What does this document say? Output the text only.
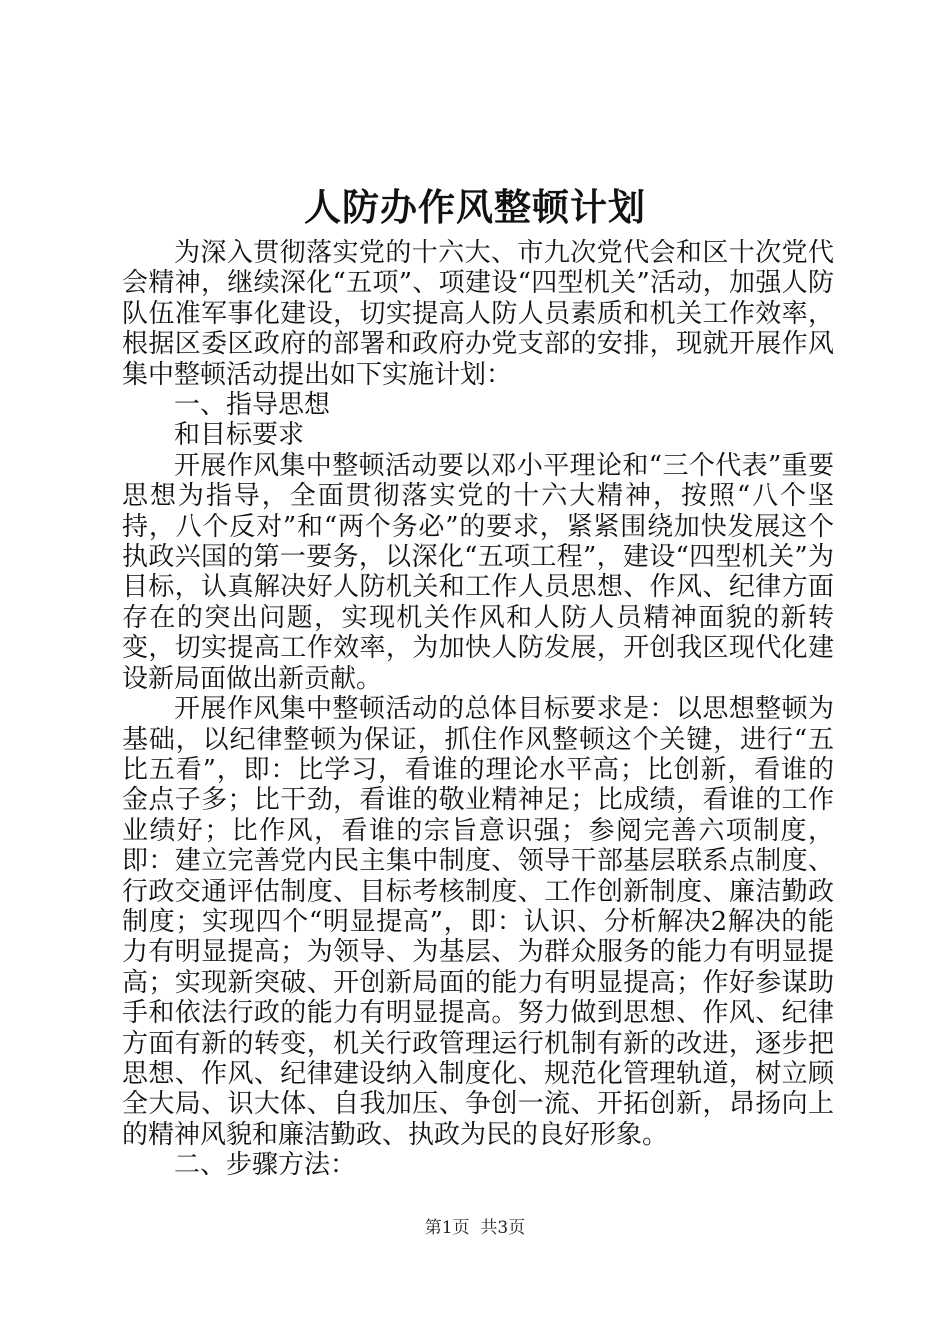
人防办作风整顿计划

为深入贯彻落实党的十六大、市九次党代会和区十次党代会精神，继续深化“五项”、项建设“四型机关”活动，加强人防队伍准军事化建设，切实提高人防人员素质和机关工作效率，根据区委区政府的部署和政府办党支部的安排，现就开展作风集中整顿活动提出如下实施计划：

一、指导思想

和目标要求

开展作风集中整顿活动要以邓小平理论和“三个代表”重要思想为指导，全面贯彻落实党的十六大精神，按照“八个坚持，八个反对”和“两个务必”的要求，紧紧围绕加快发展这个执政兴国的第一要务，以深化“五项工程”，建设“四型机关”为目标，认真解决好人防机关和工作人员思想、作风、纪律方面存在的突出问题，实现机关作风和人防人员精神面貌的新转变，切实提高工作效率，为加快人防发展，开创我区现代化建设新局面做出新贡献。

开展作风集中整顿活动的总体目标要求是：以思想整顿为基础，以纪律整顿为保证，抓住作风整顿这个关键，进行“五比五看”，即：比学习，看谁的理论水平高；比创新，看谁的金点子多；比干劲，看谁的敬业精神足；比成绩，看谁的工作业绩好；比作风，看谁的宗旨意识强；参阅完善六项制度，即：建立完善党内民主集中制度、领导干部基层联系点制度、行政交通评估制度、目标考核制度、工作创新制度、廉洁勤政制度；实现四个“明显提高”，即：认识、分析解决2解决的能力有明显提高；为领导、为基层、为群众服务的能力有明显提高；实现新突破、开创新局面的能力有明显提高；作好参谋助手和依法行政的能力有明显提高。努力做到思想、作风、纪律方面有新的转变，机关行政管理运行机制有新的改进，逐步把思想、作风、纪律建设纳入制度化、规范化管理轨道，树立顾全大局、识大体、自我加压、争创一流、开拓创新，昂扬向上的精神风貌和廉洁勤政、执政为民的良好形象。

二、步骤方法：

第1页  共3页
